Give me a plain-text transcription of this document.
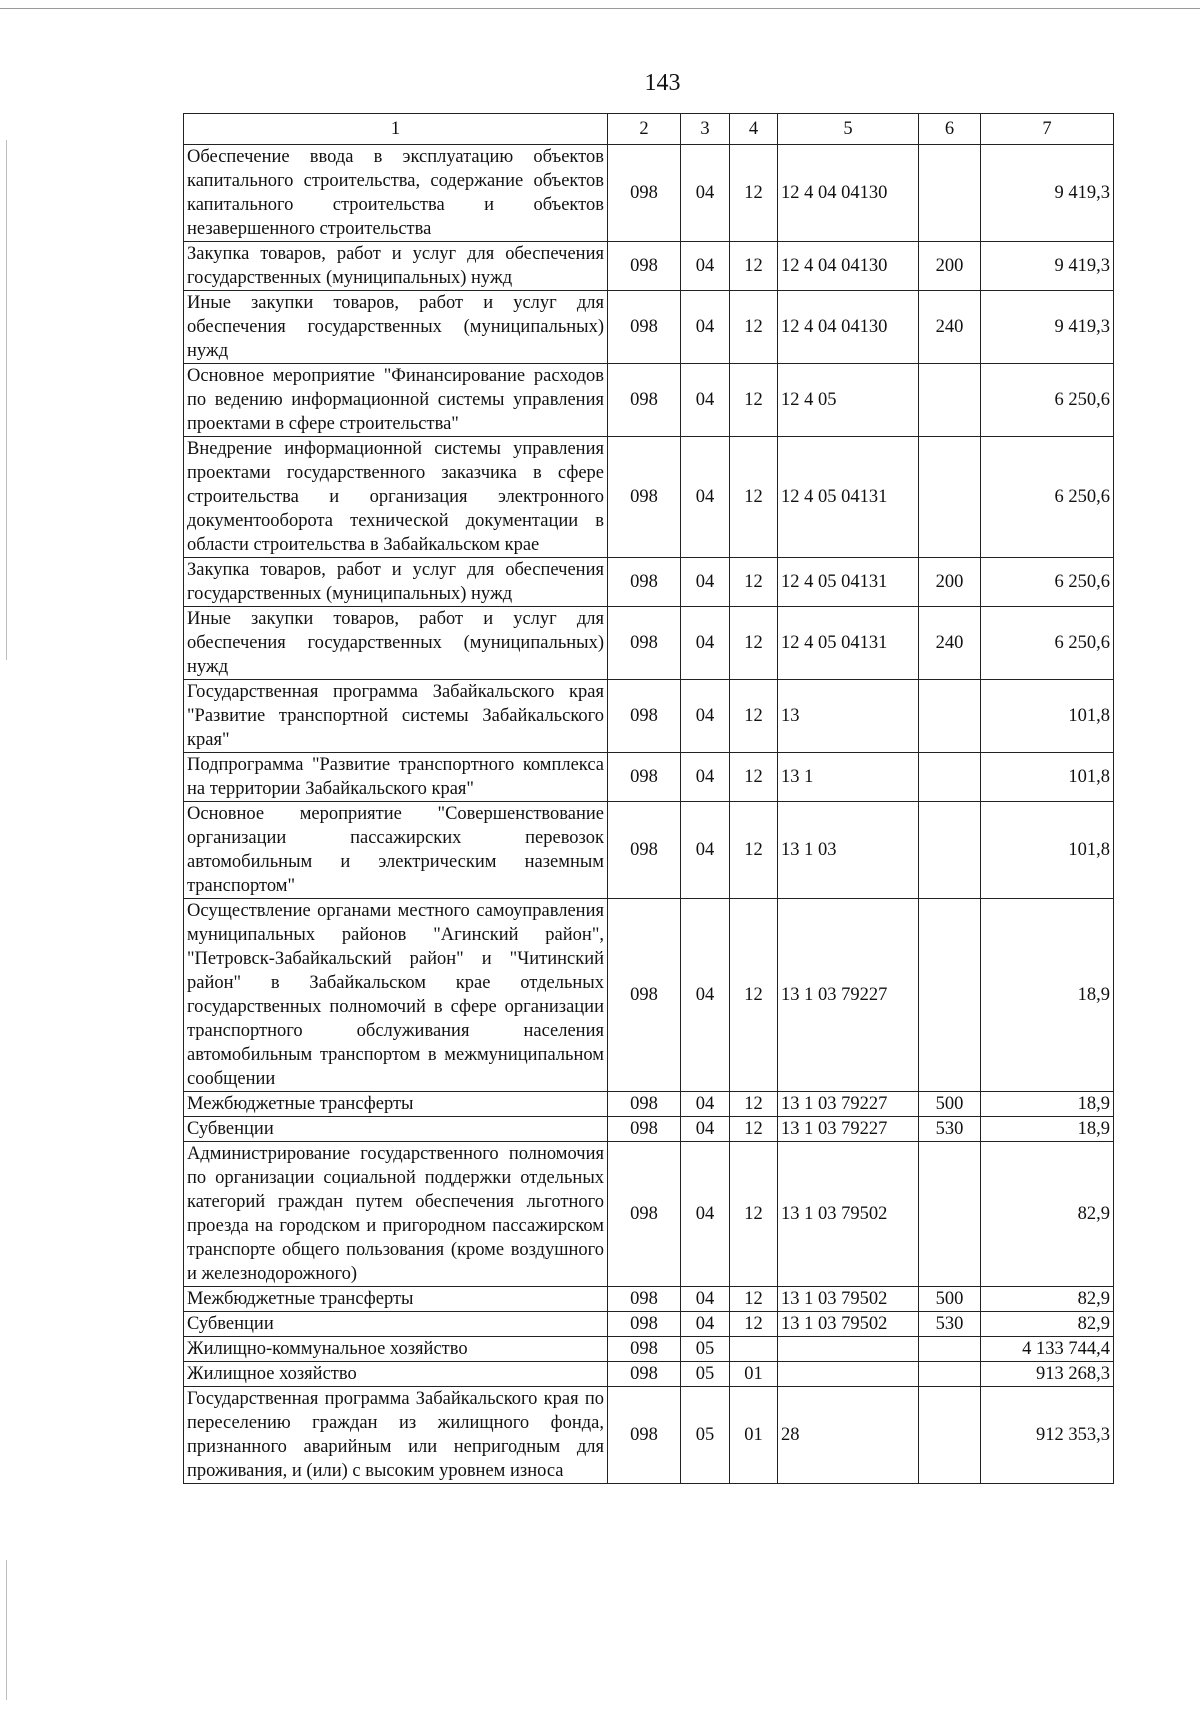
143
1	2	3	4	5	6	7
Обеспечение ввода в эксплуатацию объектов капитального строительства, содержание объектов капитального строительства и объектов незавершенного строительства	098	04	12	12 4 04 04130		9 419,3
Закупка товаров, работ и услуг для обеспечения государственных (муниципальных) нужд	098	04	12	12 4 04 04130	200	9 419,3
Иные закупки товаров, работ и услуг для обеспечения государственных (муниципальных) нужд	098	04	12	12 4 04 04130	240	9 419,3
Основное мероприятие "Финансирование расходов по ведению информационной системы управления проектами в сфере строительства"	098	04	12	12 4 05		6 250,6
Внедрение информационной системы управления проектами государственного заказчика в сфере строительства и организация электронного документооборота технической документации в области строительства в Забайкальском крае	098	04	12	12 4 05 04131		6 250,6
Закупка товаров, работ и услуг для обеспечения государственных (муниципальных) нужд	098	04	12	12 4 05 04131	200	6 250,6
Иные закупки товаров, работ и услуг для обеспечения государственных (муниципальных) нужд	098	04	12	12 4 05 04131	240	6 250,6
Государственная программа Забайкальского края "Развитие транспортной системы Забайкальского края"	098	04	12	13		101,8
Подпрограмма "Развитие транспортного комплекса на территории Забайкальского края"	098	04	12	13 1		101,8
Основное мероприятие "Совершенствование организации пассажирских перевозок автомобильным и электрическим наземным транспортом"	098	04	12	13 1 03		101,8
Осуществление органами местного самоуправления муниципальных районов "Агинский район", "Петровск-Забайкальский район" и "Читинский район" в Забайкальском крае отдельных государственных полномочий в сфере организации транспортного обслуживания населения автомобильным транспортом в межмуниципальном сообщении	098	04	12	13 1 03 79227		18,9
Межбюджетные трансферты	098	04	12	13 1 03 79227	500	18,9
Субвенции	098	04	12	13 1 03 79227	530	18,9
Администрирование государственного полномочия по организации социальной поддержки отдельных категорий граждан путем обеспечения льготного проезда на городском и пригородном пассажирском транспорте общего пользования (кроме воздушного и железнодорожного)	098	04	12	13 1 03 79502		82,9
Межбюджетные трансферты	098	04	12	13 1 03 79502	500	82,9
Субвенции	098	04	12	13 1 03 79502	530	82,9
Жилищно-коммунальное хозяйство	098	05				4 133 744,4
Жилищное хозяйство	098	05	01			913 268,3
Государственная программа Забайкальского края по переселению граждан из жилищного фонда, признанного аварийным или непригодным для проживания, и (или) с высоким уровнем износа	098	05	01	28		912 353,3
